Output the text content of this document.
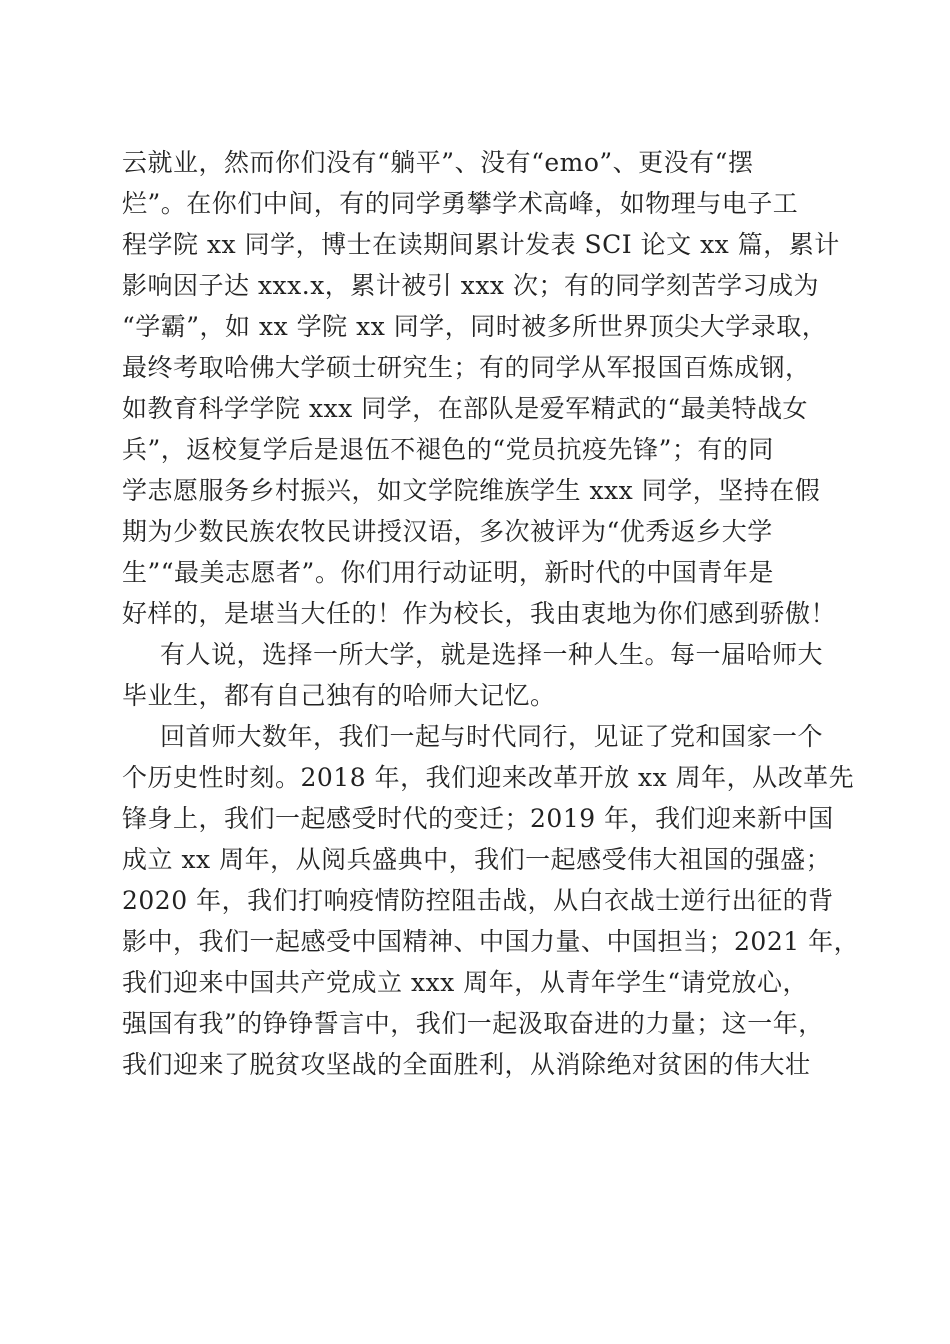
云就业，然而你们没有“躺平”、没有“emo”、更没有“摆
烂”。在你们中间，有的同学勇攀学术高峰，如物理与电子工
程学院 xx 同学，博士在读期间累计发表 SCI 论文 xx 篇，累计
影响因子达 xxx.x，累计被引 xxx 次；有的同学刻苦学习成为
“学霸”，如 xx 学院 xx 同学，同时被多所世界顶尖大学录取，
最终考取哈佛大学硕士研究生；有的同学从军报国百炼成钢，
如教育科学学院 xxx 同学，在部队是爱军精武的“最美特战女
兵”，返校复学后是退伍不褪色的“党员抗疫先锋”；有的同
学志愿服务乡村振兴，如文学院维族学生 xxx 同学，坚持在假
期为少数民族农牧民讲授汉语，多次被评为“优秀返乡大学
生”“最美志愿者”。你们用行动证明，新时代的中国青年是
好样的，是堪当大任的！作为校长，我由衷地为你们感到骄傲！
有人说，选择一所大学，就是选择一种人生。每一届哈师大
毕业生，都有自己独有的哈师大记忆。
回首师大数年，我们一起与时代同行，见证了党和国家一个
个历史性时刻。2018 年，我们迎来改革开放 xx 周年，从改革先
锋身上，我们一起感受时代的变迁；2019 年，我们迎来新中国
成立 xx 周年，从阅兵盛典中，我们一起感受伟大祖国的强盛；
2020 年，我们打响疫情防控阻击战，从白衣战士逆行出征的背
影中，我们一起感受中国精神、中国力量、中国担当；2021 年，
我们迎来中国共产党成立 xxx 周年，从青年学生“请党放心，
强国有我”的铮铮誓言中，我们一起汲取奋进的力量；这一年，
我们迎来了脱贫攻坚战的全面胜利，从消除绝对贫困的伟大壮
